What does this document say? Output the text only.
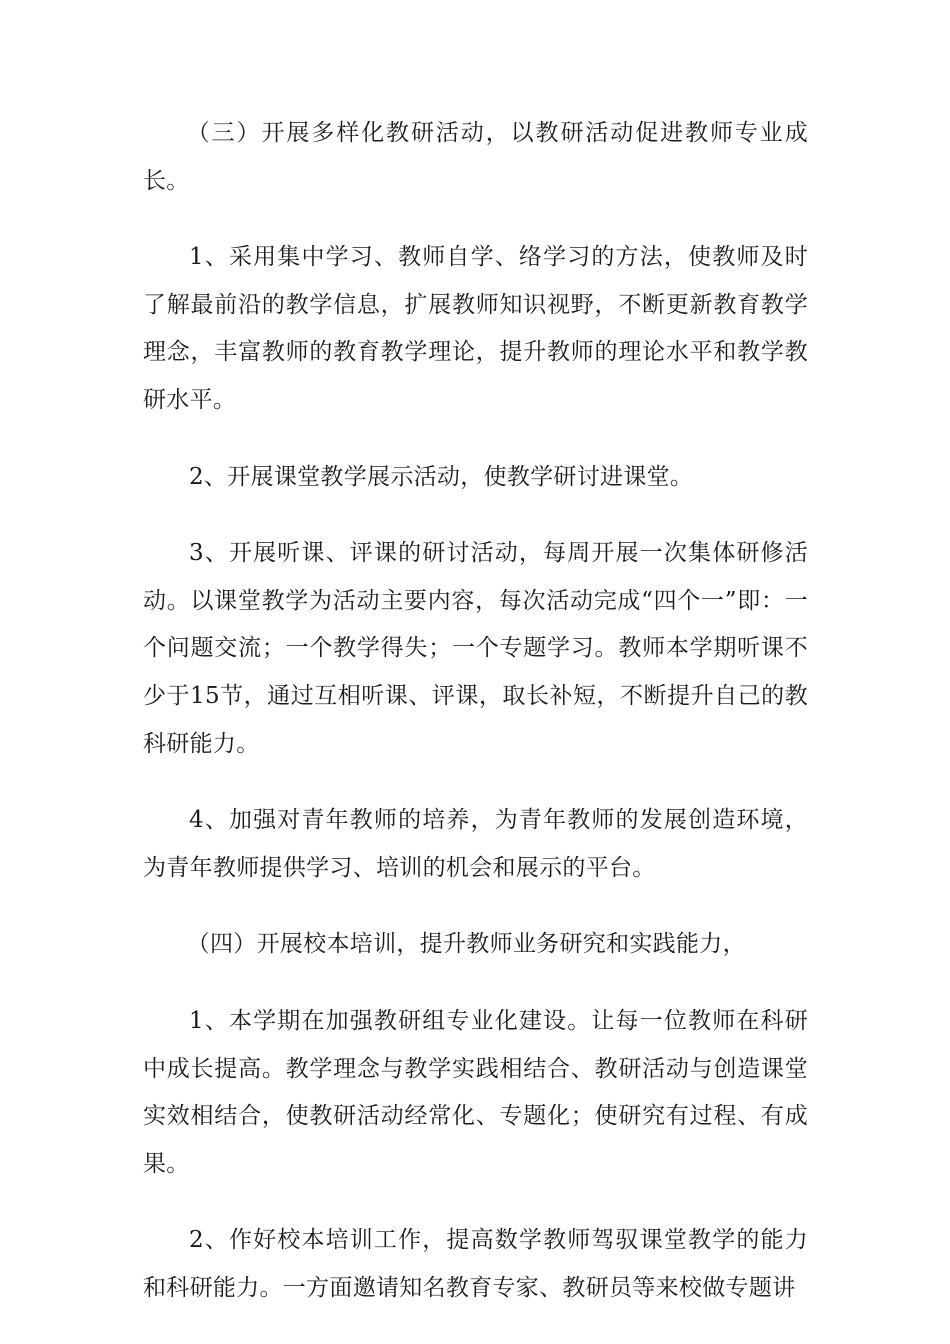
（三）开展多样化教研活动，以教研活动促进教师专业成长。

1、采用集中学习、教师自学、络学习的方法，使教师及时了解最前沿的教学信息，扩展教师知识视野，不断更新教育教学理念，丰富教师的教育教学理论，提升教师的理论水平和教学教研水平。

2、开展课堂教学展示活动，使教学研讨进课堂。

3、开展听课、评课的研讨活动，每周开展一次集体研修活动。以课堂教学为活动主要内容，每次活动完成“四个一”即：一个问题交流；一个教学得失；一个专题学习。教师本学期听课不少于15节，通过互相听课、评课，取长补短，不断提升自己的教科研能力。

4、加强对青年教师的培养，为青年教师的发展创造环境，为青年教师提供学习、培训的机会和展示的平台。

（四）开展校本培训，提升教师业务研究和实践能力，

1、本学期在加强教研组专业化建设。让每一位教师在科研中成长提高。教学理念与教学实践相结合、教研活动与创造课堂实效相结合，使教研活动经常化、专题化；使研究有过程、有成果。

2、作好校本培训工作，提高数学教师驾驭课堂教学的能力和科研能力。一方面邀请知名教育专家、教研员等来校做专题讲
